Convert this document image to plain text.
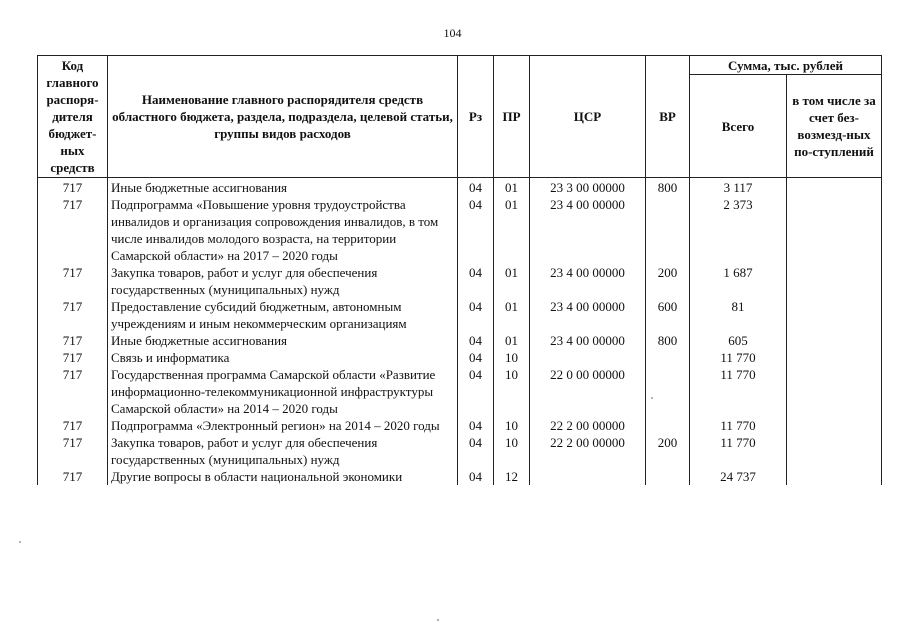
104
Код главного распоря-дителя бюджет-ных средств	Наименование главного распорядителя средств областного бюджета, раздела, подраздела, целевой статьи, группы видов расходов	Рз	ПР	ЦСР	ВР	Сумма, тыс. рублей	
						Всего	в том числе за счет без-возмезд-ных по-ступлений
717	Иные бюджетные ассигнования	04	01	23 3 00 00000	800	3 117	
717	Подпрограмма «Повышение уровня трудоустройства инвалидов и организация сопровождения инвалидов, в том числе инвалидов молодого возраста, на территории Самарской области» на 2017 – 2020 годы	04	01	23 4 00 00000		2 373	
717	Закупка товаров, работ и услуг для обеспечения государственных (муниципальных) нужд	04	01	23 4 00 00000	200	1 687	
717	Предоставление субсидий бюджетным, автономным учреждениям и иным некоммерческим организациям	04	01	23 4 00 00000	600	81	
717	Иные бюджетные ассигнования	04	01	23 4 00 00000	800	605	
717	Связь и информатика	04	10			11 770	
717	Государственная программа Самарской области «Развитие информационно-телекоммуникационной инфраструктуры Самарской области» на 2014 – 2020 годы	04	10	22 0 00 00000		11 770	
717	Подпрограмма «Электронный регион» на 2014 – 2020 годы	04	10	22 2 00 00000		11 770	
717	Закупка товаров, работ и услуг для обеспечения государственных (муниципальных) нужд	04	10	22 2 00 00000	200	11 770	
717	Другие вопросы в области национальной экономики	04	12			24 737	
